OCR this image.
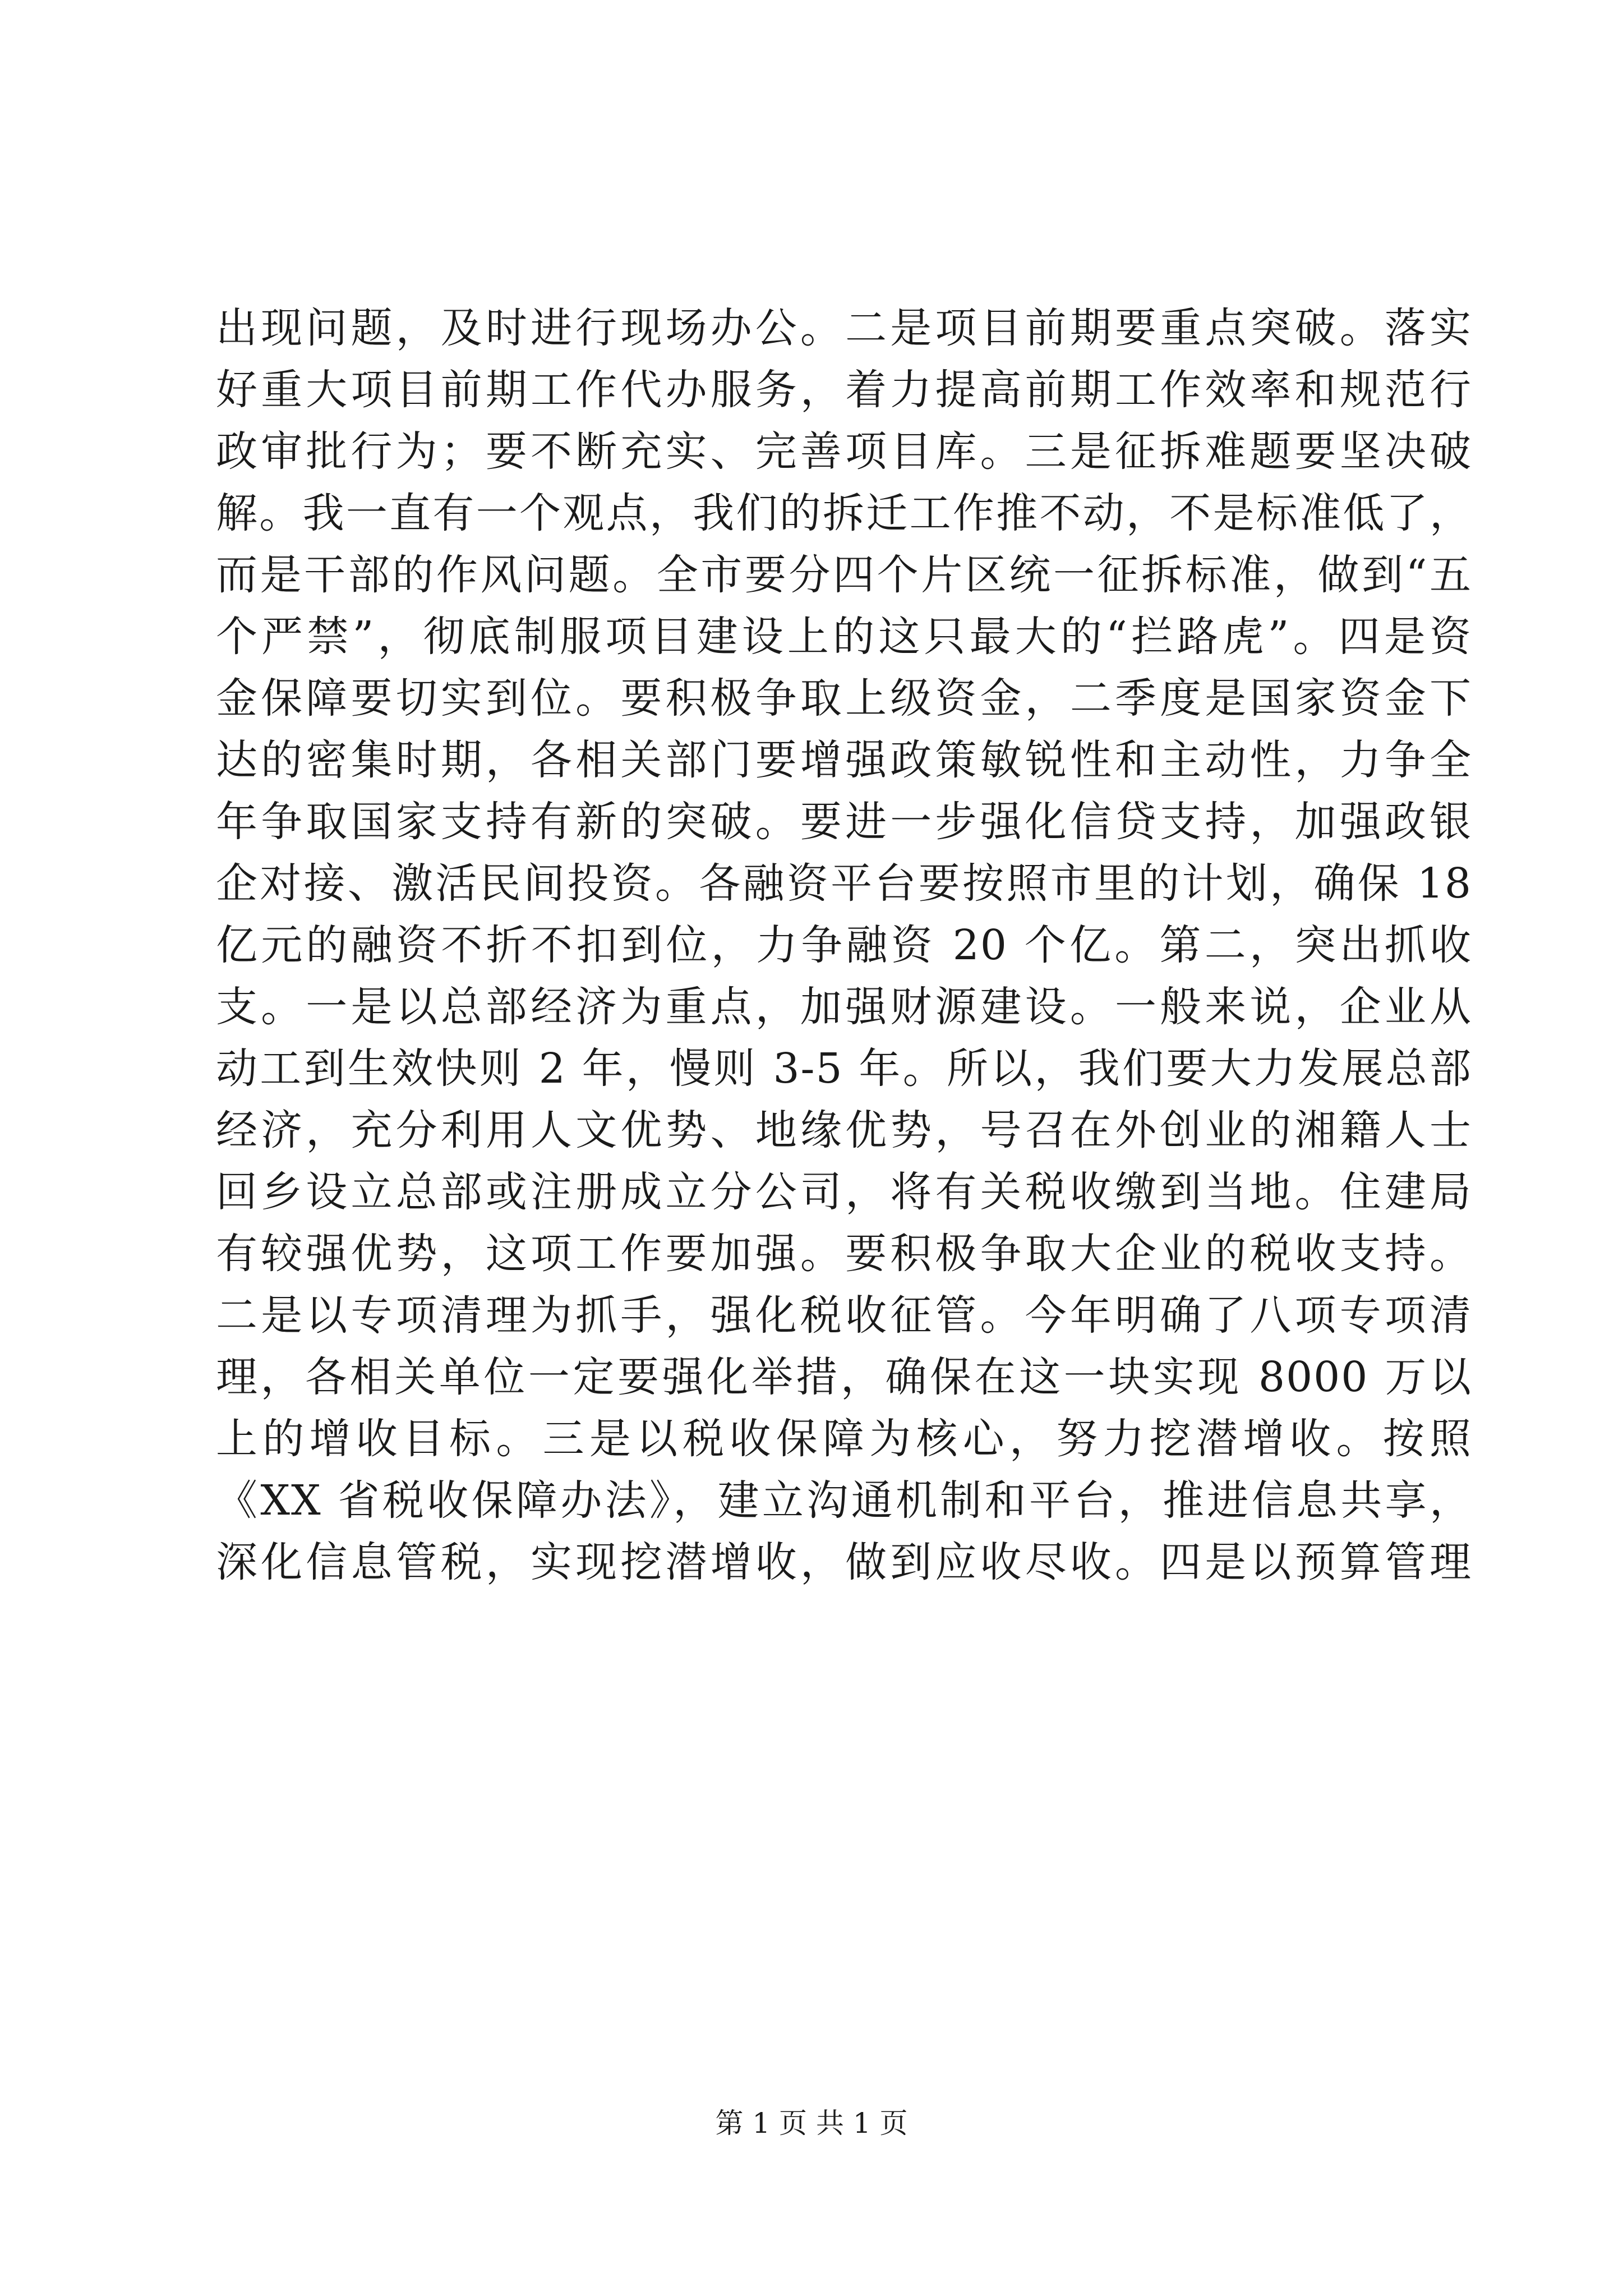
出现问题，及时进行现场办公。二是项目前期要重点突破。落实
好重大项目前期工作代办服务，着力提高前期工作效率和规范行
政审批行为；要不断充实、完善项目库。三是征拆难题要坚决破
解。我一直有一个观点，我们的拆迁工作推不动，不是标准低了，
而是干部的作风问题。全市要分四个片区统一征拆标准，做到“五
个严禁”，彻底制服项目建设上的这只最大的“拦路虎”。四是资
金保障要切实到位。要积极争取上级资金，二季度是国家资金下
达的密集时期，各相关部门要增强政策敏锐性和主动性，力争全
年争取国家支持有新的突破。要进一步强化信贷支持，加强政银
企对接、激活民间投资。各融资平台要按照市里的计划，确保 18
亿元的融资不折不扣到位，力争融资 20 个亿。第二，突出抓收
支。一是以总部经济为重点，加强财源建设。一般来说，企业从
动工到生效快则 2 年，慢则 3-5 年。所以，我们要大力发展总部
经济，充分利用人文优势、地缘优势，号召在外创业的湘籍人士
回乡设立总部或注册成立分公司，将有关税收缴到当地。住建局
有较强优势，这项工作要加强。要积极争取大企业的税收支持。
二是以专项清理为抓手，强化税收征管。今年明确了八项专项清
理，各相关单位一定要强化举措，确保在这一块实现 8000 万以
上的增收目标。三是以税收保障为核心，努力挖潜增收。按照
《XX 省税收保障办法》，建立沟通机制和平台，推进信息共享，
深化信息管税，实现挖潜增收，做到应收尽收。四是以预算管理
第 1 页 共 1 页
